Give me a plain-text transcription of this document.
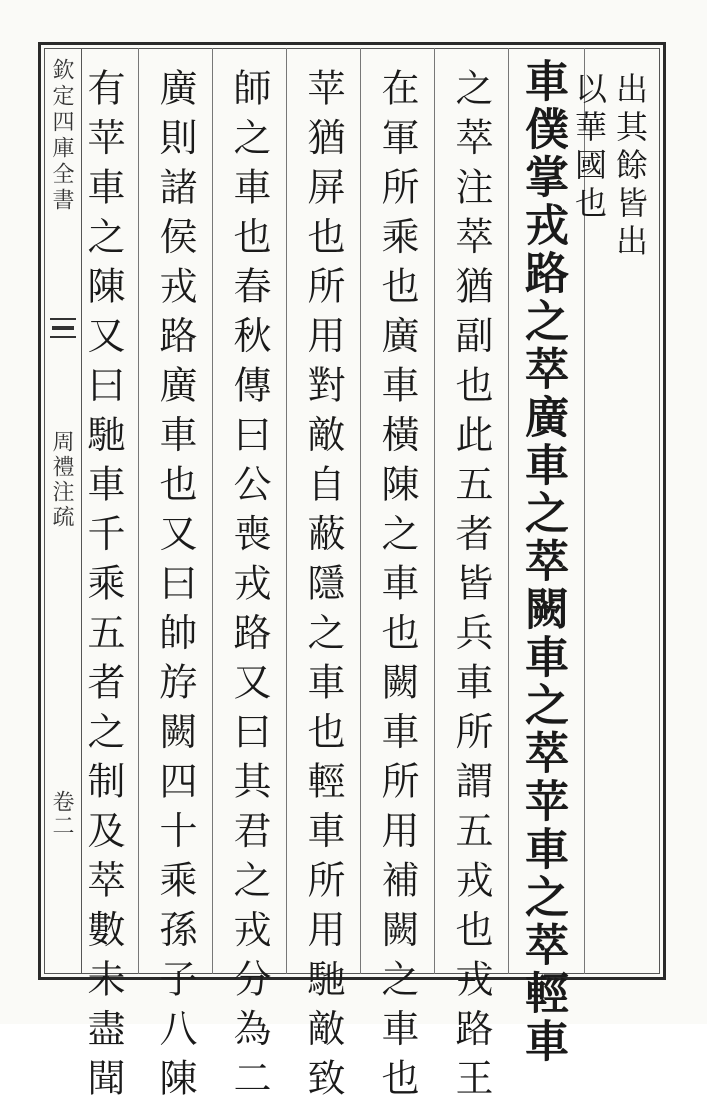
欽定四庫全書
周禮注疏
卷二
出其餘皆出
以華國也
車僕掌戎路之萃廣車之萃闕車之萃苹車之萃輕車
之萃注萃猶副也此五者皆兵車所謂五戎也戎路王
在軍所乘也廣車橫陳之車也闕車所用補闕之車也
苹猶屏也所用對敵自蔽隱之車也輕車所用馳敵致
師之車也春秋傳曰公喪戎路又曰其君之戎分為二
廣則諸侯戎路廣車也又曰帥斿闕四十乘孫子八陳
有苹車之陳又曰馳車千乘五者之制及萃數未盡聞
